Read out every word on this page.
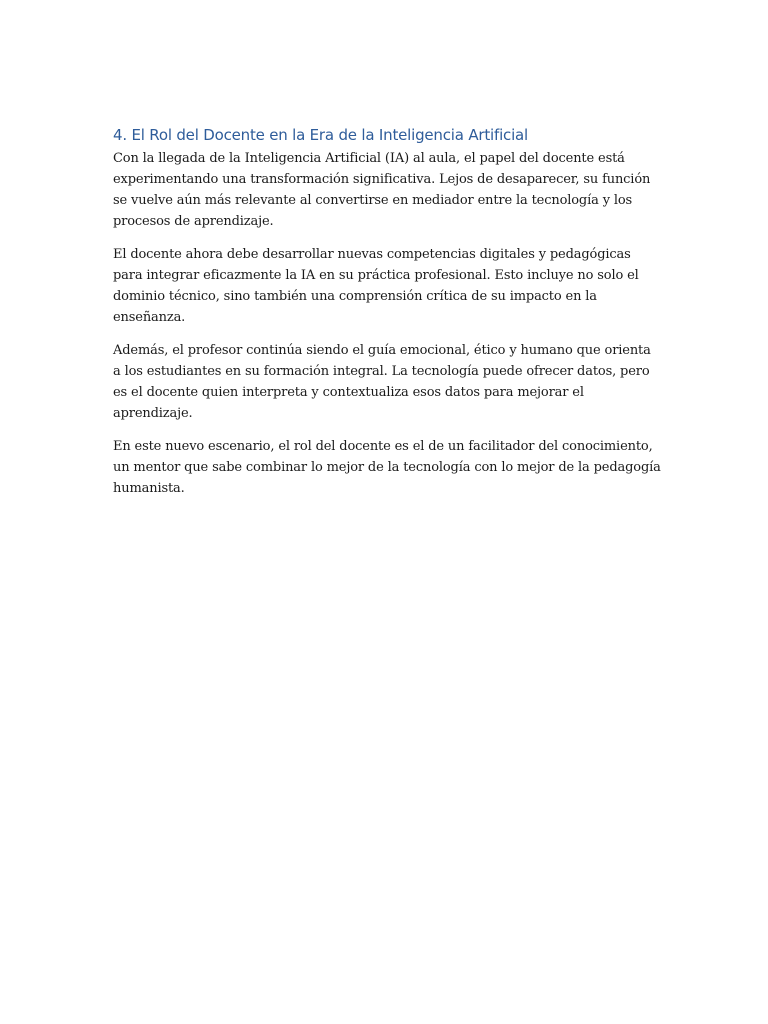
4. El Rol del Docente en la Era de la Inteligencia Artificial

Con la llegada de la Inteligencia Artificial (IA) al aula, el papel del docente está experimentando una transformación significativa. Lejos de desaparecer, su función se vuelve aún más relevante al convertirse en mediador entre la tecnología y los procesos de aprendizaje.

El docente ahora debe desarrollar nuevas competencias digitales y pedagógicas para integrar eficazmente la IA en su práctica profesional. Esto incluye no solo el dominio técnico, sino también una comprensión crítica de su impacto en la enseñanza.

Además, el profesor continúa siendo el guía emocional, ético y humano que orienta a los estudiantes en su formación integral. La tecnología puede ofrecer datos, pero es el docente quien interpreta y contextualiza esos datos para mejorar el aprendizaje.

En este nuevo escenario, el rol del docente es el de un facilitador del conocimiento, un mentor que sabe combinar lo mejor de la tecnología con lo mejor de la pedagogía humanista.
